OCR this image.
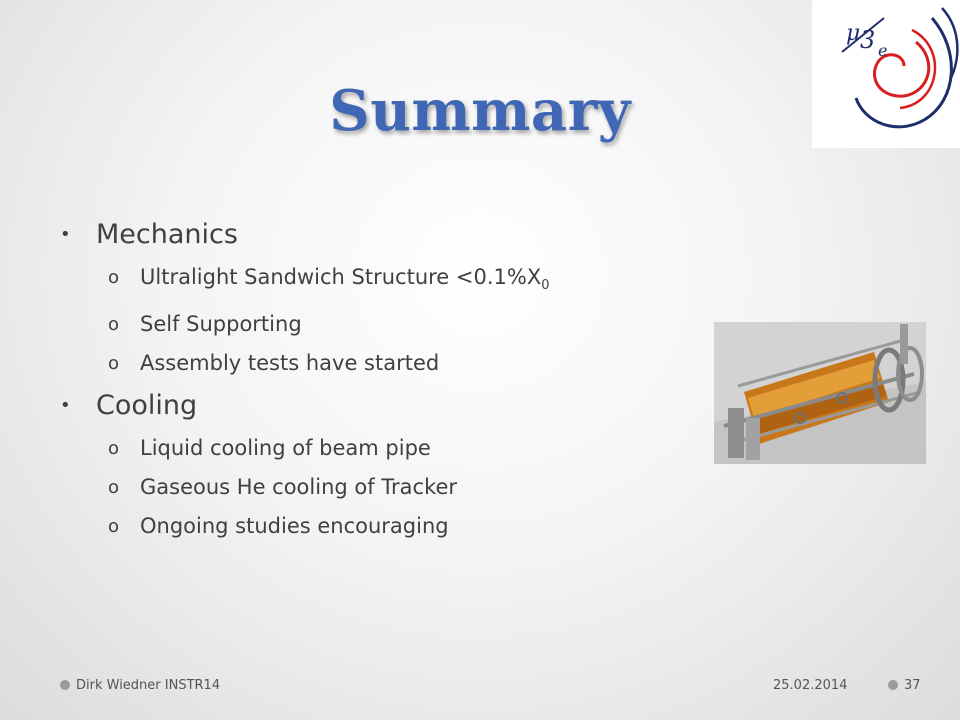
μ 3 e
Summary
• Mechanics
o Ultralight Sandwich Structure $<0.1\%X_0$
o Self Supporting
o Assembly tests have started
• Cooling
o Liquid cooling of beam pipe
o Gaseous He cooling of Tracker
o Ongoing studies encouraging
Dirk Wiedner INSTR14	25.02.2014	37
